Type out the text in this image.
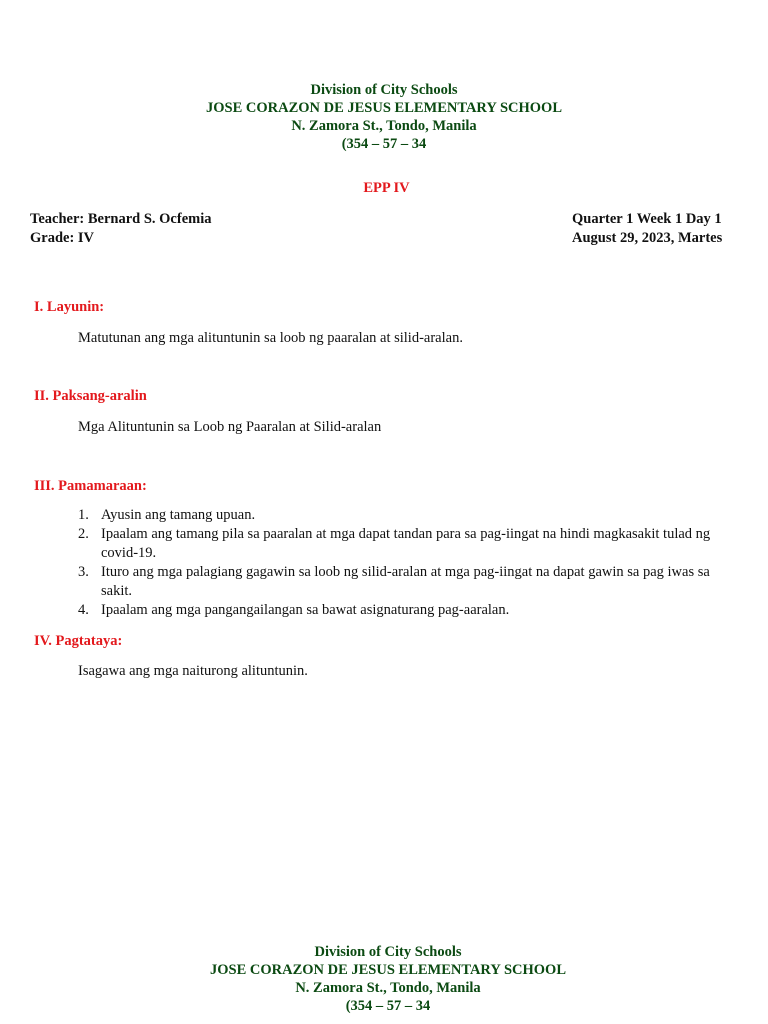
Division of City Schools
JOSE CORAZON DE JESUS ELEMENTARY SCHOOL
N. Zamora St., Tondo, Manila
(354 – 57 – 34
EPP IV
Teacher: Bernard S. Ocfemia
Grade: IV
Quarter 1 Week 1 Day 1
August 29, 2023, Martes
I. Layunin:
Matutunan ang mga alituntunin sa loob ng paaralan at silid-aralan.
II. Paksang-aralin
Mga Alituntunin sa Loob ng Paaralan at Silid-aralan
III. Pamamaraan:
1. Ayusin ang tamang upuan.
2. Ipaalam ang tamang pila sa paaralan at mga dapat tandan para sa pag-iingat na hindi magkasakit tulad ng covid-19.
3. Ituro ang mga palagiang gagawin sa loob ng silid-aralan at mga pag-iingat na dapat gawin sa pag iwas sa sakit.
4. Ipaalam ang mga pangangailangan sa bawat asignaturang pag-aaralan.
IV. Pagtataya:
Isagawa ang mga naiturong alituntunin.
Division of City Schools
JOSE CORAZON DE JESUS ELEMENTARY SCHOOL
N. Zamora St., Tondo, Manila
(354 – 57 – 34
